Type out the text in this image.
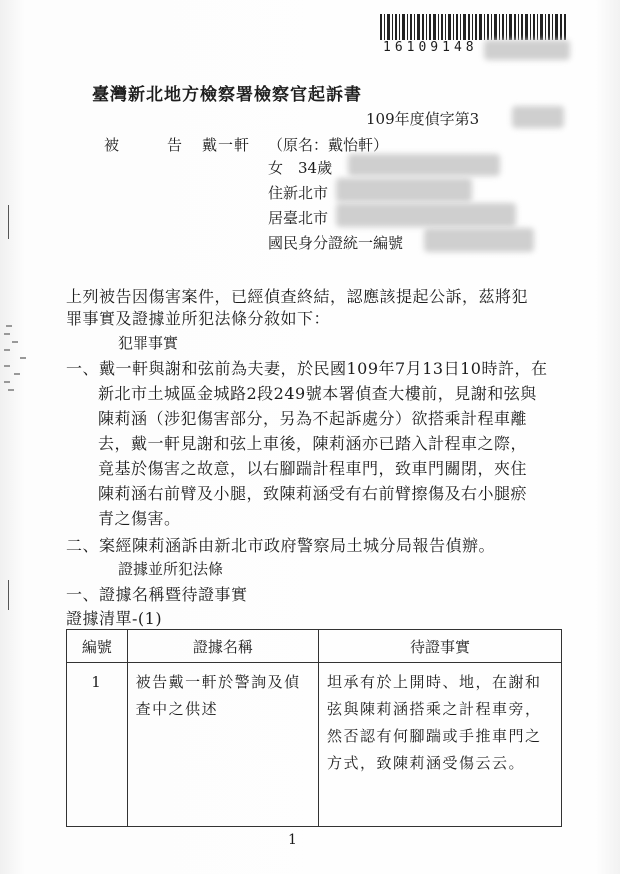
16109148
臺灣新北地方檢察署檢察官起訴書
109年度偵字第3
被　　告 戴一軒 （原名：戴怡軒）
女　34歲
住新北市
居臺北市
國民身分證統一編號
上列被告因傷害案件，已經偵查終結，認應該提起公訴，茲將犯
罪事實及證據並所犯法條分敘如下：
犯罪事實
一、戴一軒與謝和弦前為夫妻，於民國109年7月13日10時許，在
新北市土城區金城路2段249號本署偵查大樓前，見謝和弦與
陳莉涵（涉犯傷害部分，另為不起訴處分）欲搭乘計程車離
去，戴一軒見謝和弦上車後，陳莉涵亦已踏入計程車之際，
竟基於傷害之故意，以右腳踹計程車門，致車門關閉，夾住
陳莉涵右前臂及小腿，致陳莉涵受有右前臂擦傷及右小腿瘀
青之傷害。
二、案經陳莉涵訴由新北市政府警察局土城分局報告偵辦。
證據並所犯法條
一、證據名稱暨待證事實
證據清單-(1)
編號	證據名稱	待證事實

1	被告戴一軒於警詢及偵查中之供述	坦承有於上開時、地，在謝和弦與陳莉涵搭乘之計程車旁，然否認有何腳踹或手推車門之方式，致陳莉涵受傷云云。
1
